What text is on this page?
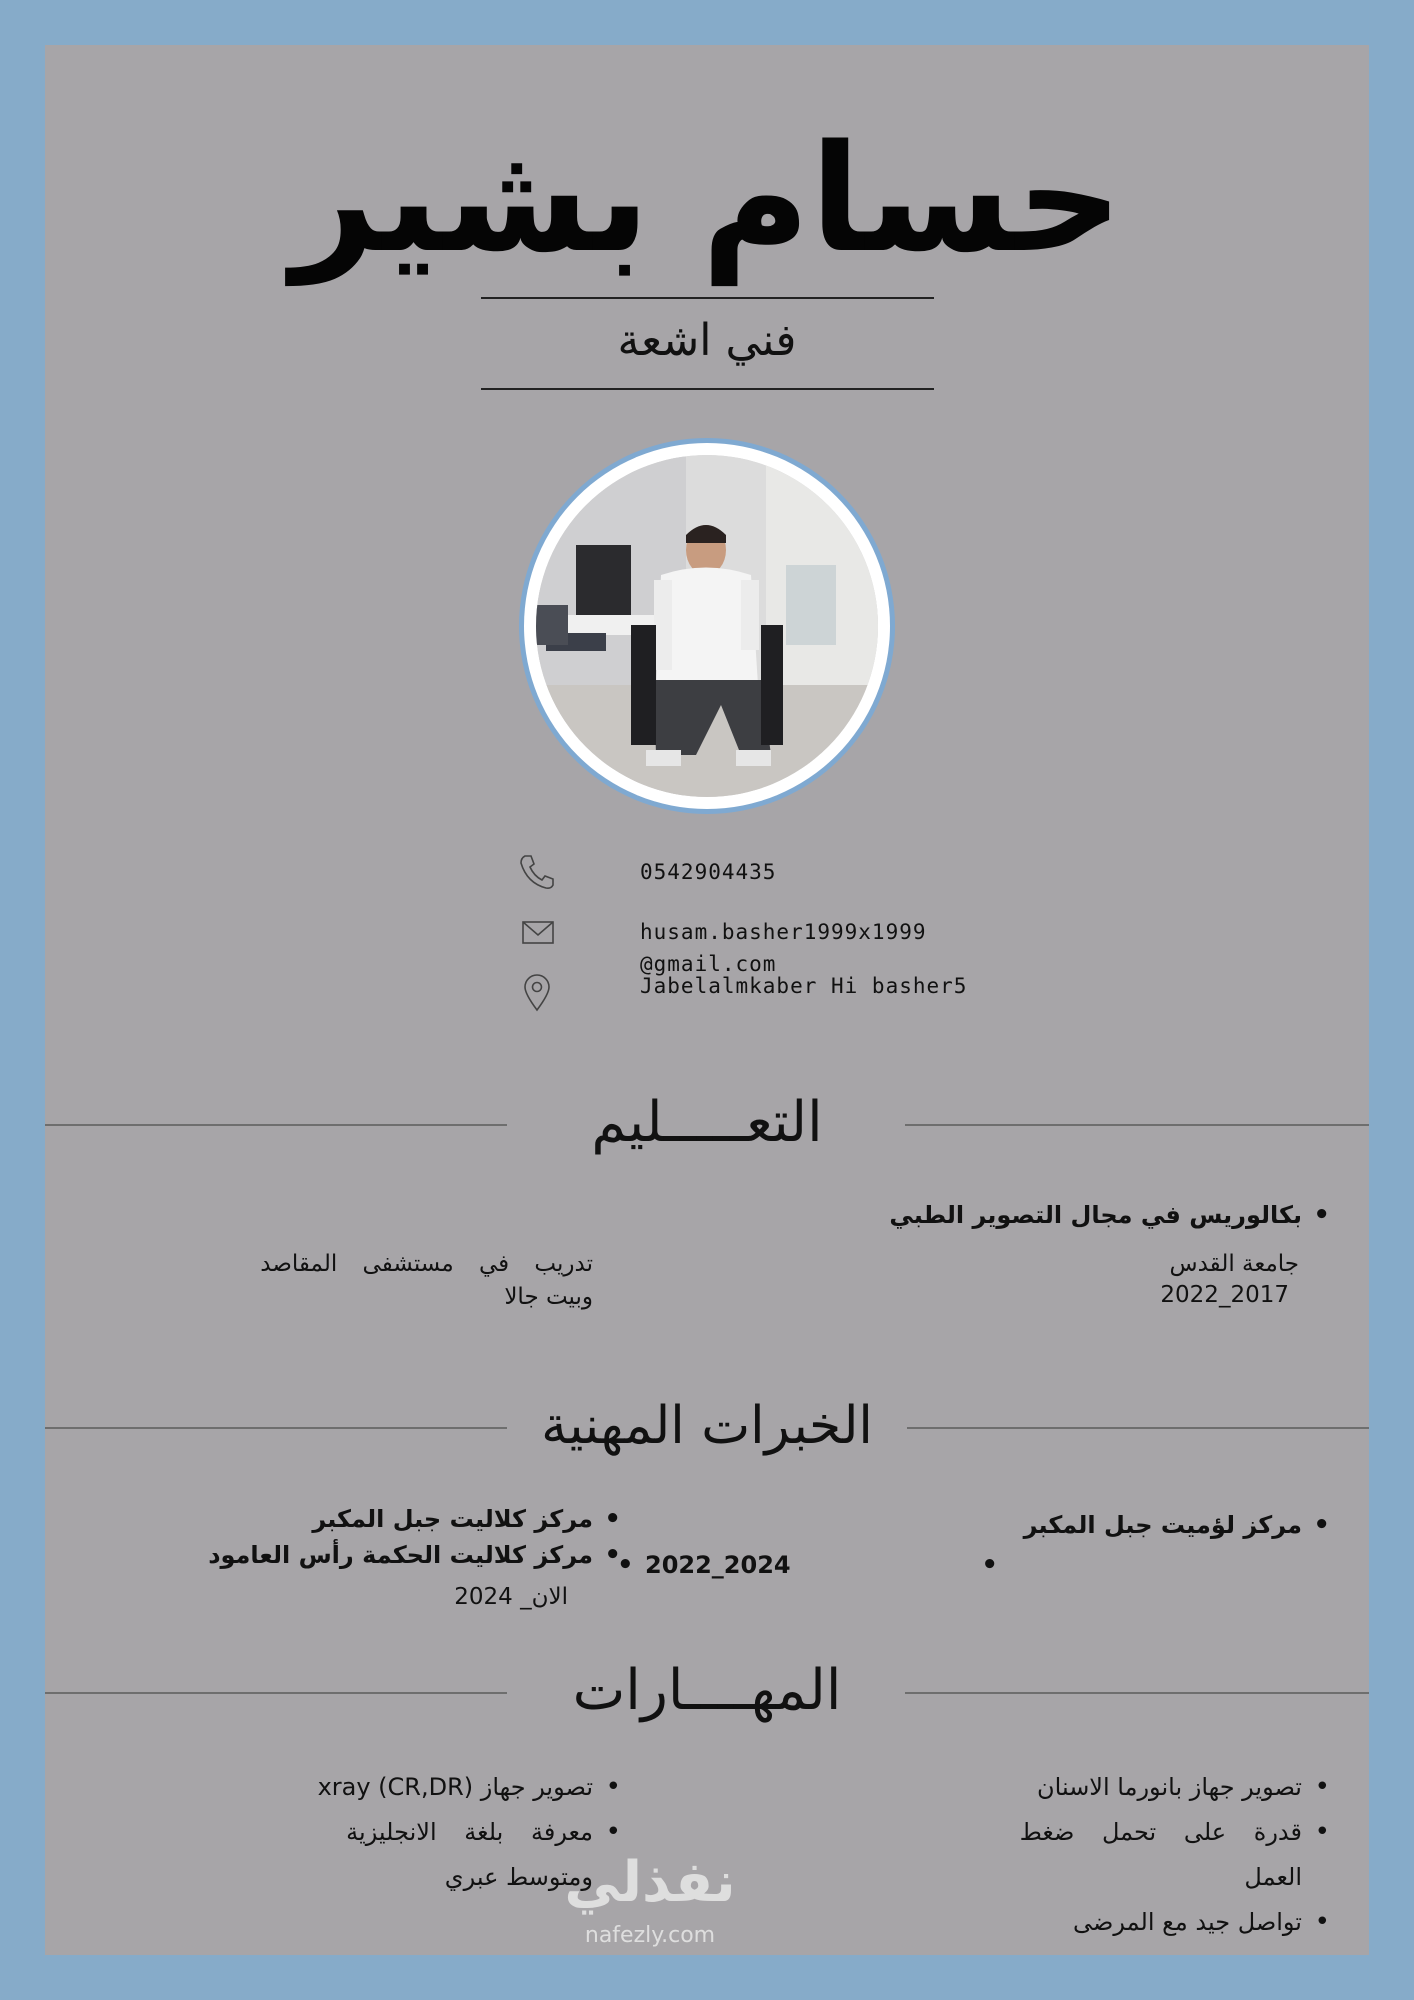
حسام بشير
فني اشعة
0542904435
husam.basher1999x1999
@gmail.com
Jabelalmkaber Hi basher5
التعـــــليم
• بكالوريس في مجال التصوير الطبي
جامعة القدس
2017_2022
تدريب في مستشفى المقاصد
وبيت جالا
الخبرات المهنية
• مركز لؤميت جبل المكبر
• 2022_2024
• مركز كلاليت جبل المكبر
• مركز كلاليت الحكمة رأس العامود
الان_ 2024
المهــــارات
• تصوير جهاز بانورما الاسنان
• قدرة على تحمل ضغط
العمل
• تواصل جيد مع المرضى
• تصوير جهاز (CR,DR) xray
• معرفة بلغة الانجليزية
ومتوسط عبري
نفذلي
nafezly.com
